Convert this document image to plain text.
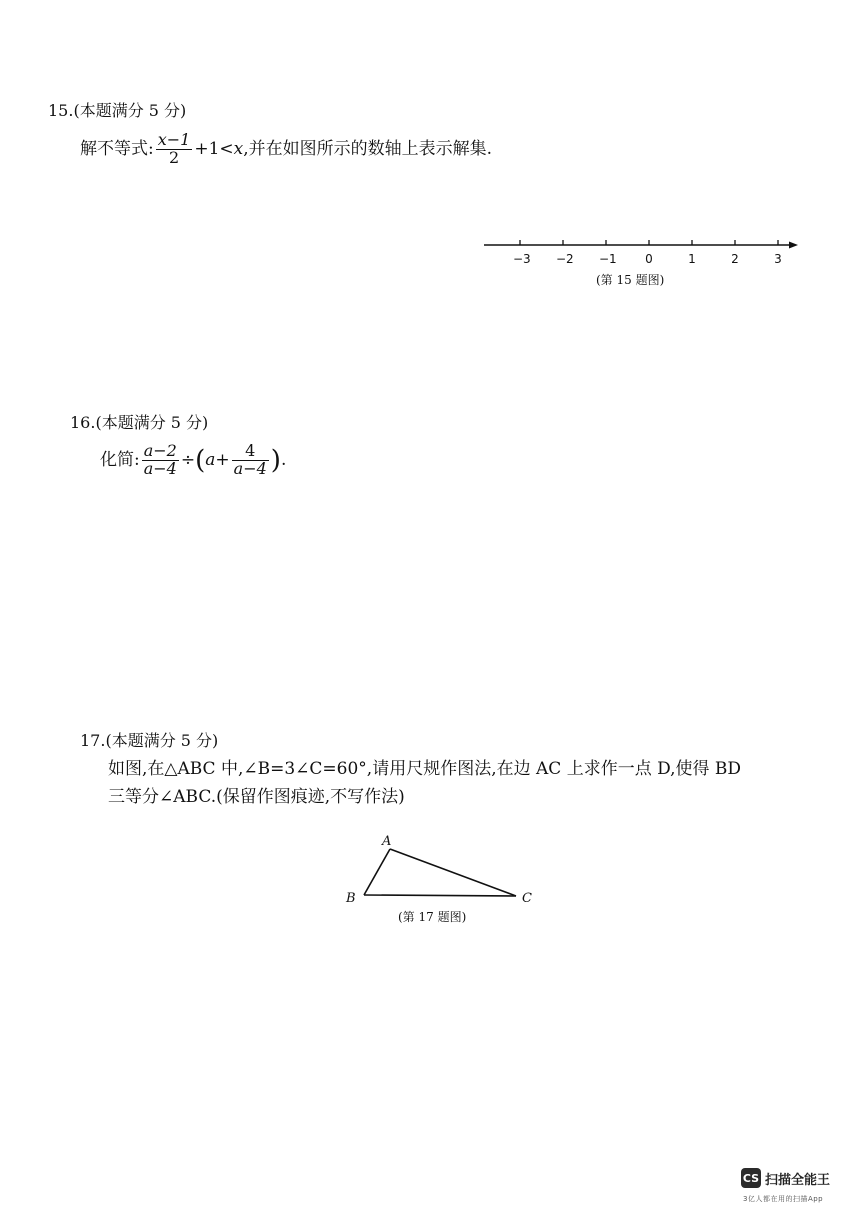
15.(本题满分 5 分)
解不等式: $\frac{x-1}{2} +1<x$,并在如图所示的数轴上表示解集.
−3 −2 −1 0	1	2	3
(第 15 题图)
16.(本题满分 5 分)
化简: $\frac{a-2}{a-4} \div(a+ \frac{4}{a-4}$ ).
17.(本题满分 5 分)
如图,在△ABC 中,∠B=3∠C=60°,请用尺规作图法,在边 AC 上求作一点 D,使得 BD
三等分∠ABC.(保留作图痕迹,不写作法)
A
B	C
(第 17 题图)
CS 扫描全能王
3亿人都在用的扫描App
